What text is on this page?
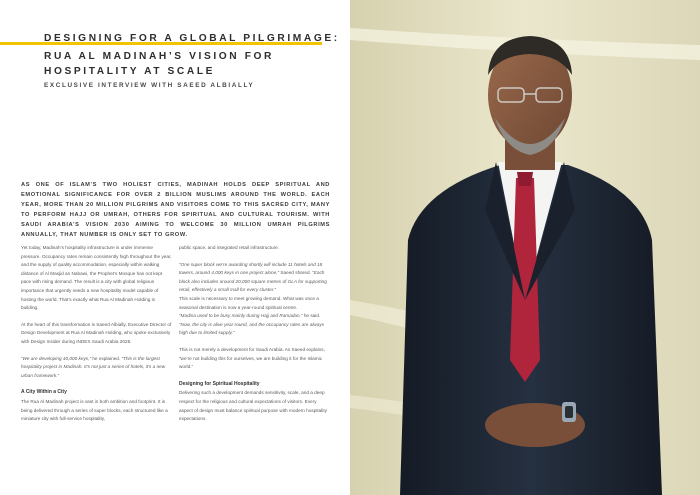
DESIGNING FOR A GLOBAL PILGRIMAGE:
RUA AL MADINAH’S VISION FOR HOSPITALITY AT SCALE
EXCLUSIVE INTERVIEW WITH SAEED ALBIALLY

AS ONE OF ISLAM’S TWO HOLIEST CITIES, MADINAH HOLDS DEEP SPIRITUAL AND EMOTIONAL SIGNIFICANCE FOR OVER 2 BILLION MUSLIMS AROUND THE WORLD. EACH YEAR, MORE THAN 20 MILLION PILGRIMS AND VISITORS COME TO THIS SACRED CITY, MANY TO PERFORM HAJJ OR UMRAH, OTHERS FOR SPIRITUAL AND CULTURAL TOURISM. WITH SAUDI ARABIA’S VISION 2030 AIMING TO WELCOME 30 MILLION UMRAH PILGRIMS ANNUALLY, THAT NUMBER IS ONLY SET TO GROW.

Yet today, Madinah’s hospitality infrastructure is under immense pressure. Occupancy rates remain consistently high throughout the year, and the supply of quality accommodation, especially within walking distance of Al Masjid an Nabawi, the Prophet’s Mosque has not kept pace with rising demand. The result is a city with global religious importance that urgently needs a new hospitality model capable of hosting the world. That’s exactly what Rua Al Madinah Holding is building.

At the heart of this transformation is Saeed Albially, Executive Director of Design Development at Rua Al Madinah Holding, who spoke exclusively with Design Insider during INDEX Saudi Arabia 2025.

“We are developing 40,000 keys,” he explained. “This is the largest hospitality project in Madinah. It’s not just a series of hotels, it’s a new urban framework.”

A City Within a City

The Rua Al Madinah project is vast in both ambition and footprint. It is being delivered through a series of super blocks, each structured like a miniature city with full-service hospitality,

public space, and integrated retail infrastructure.

“One super block we’re awarding shortly will include 11 hotels and 18 towers, around 4,000 keys in one project alone,” Saeed shared. “Each block also includes around 20,000 square metres of GLA for supporting retail, effectively a small mall for every cluster.”

This scale is necessary to meet growing demand. What was once a seasonal destination is now a year-round spiritual centre.

“Madina used to be busy mainly during Hajj and Ramadan,” he said. “Now, the city is alive year-round, and the occupancy rates are always high due to limited supply.”

This is not merely a development for Saudi Arabia. As Saeed explains, “we’re not building this for ourselves, we are building it for the Islamic world.”

Designing for Spiritual Hospitality

Delivering such a development demands sensitivity, scale, and a deep respect for the religious and cultural expectations of visitors. Every aspect of design must balance spiritual purpose with modern hospitality expectations.
